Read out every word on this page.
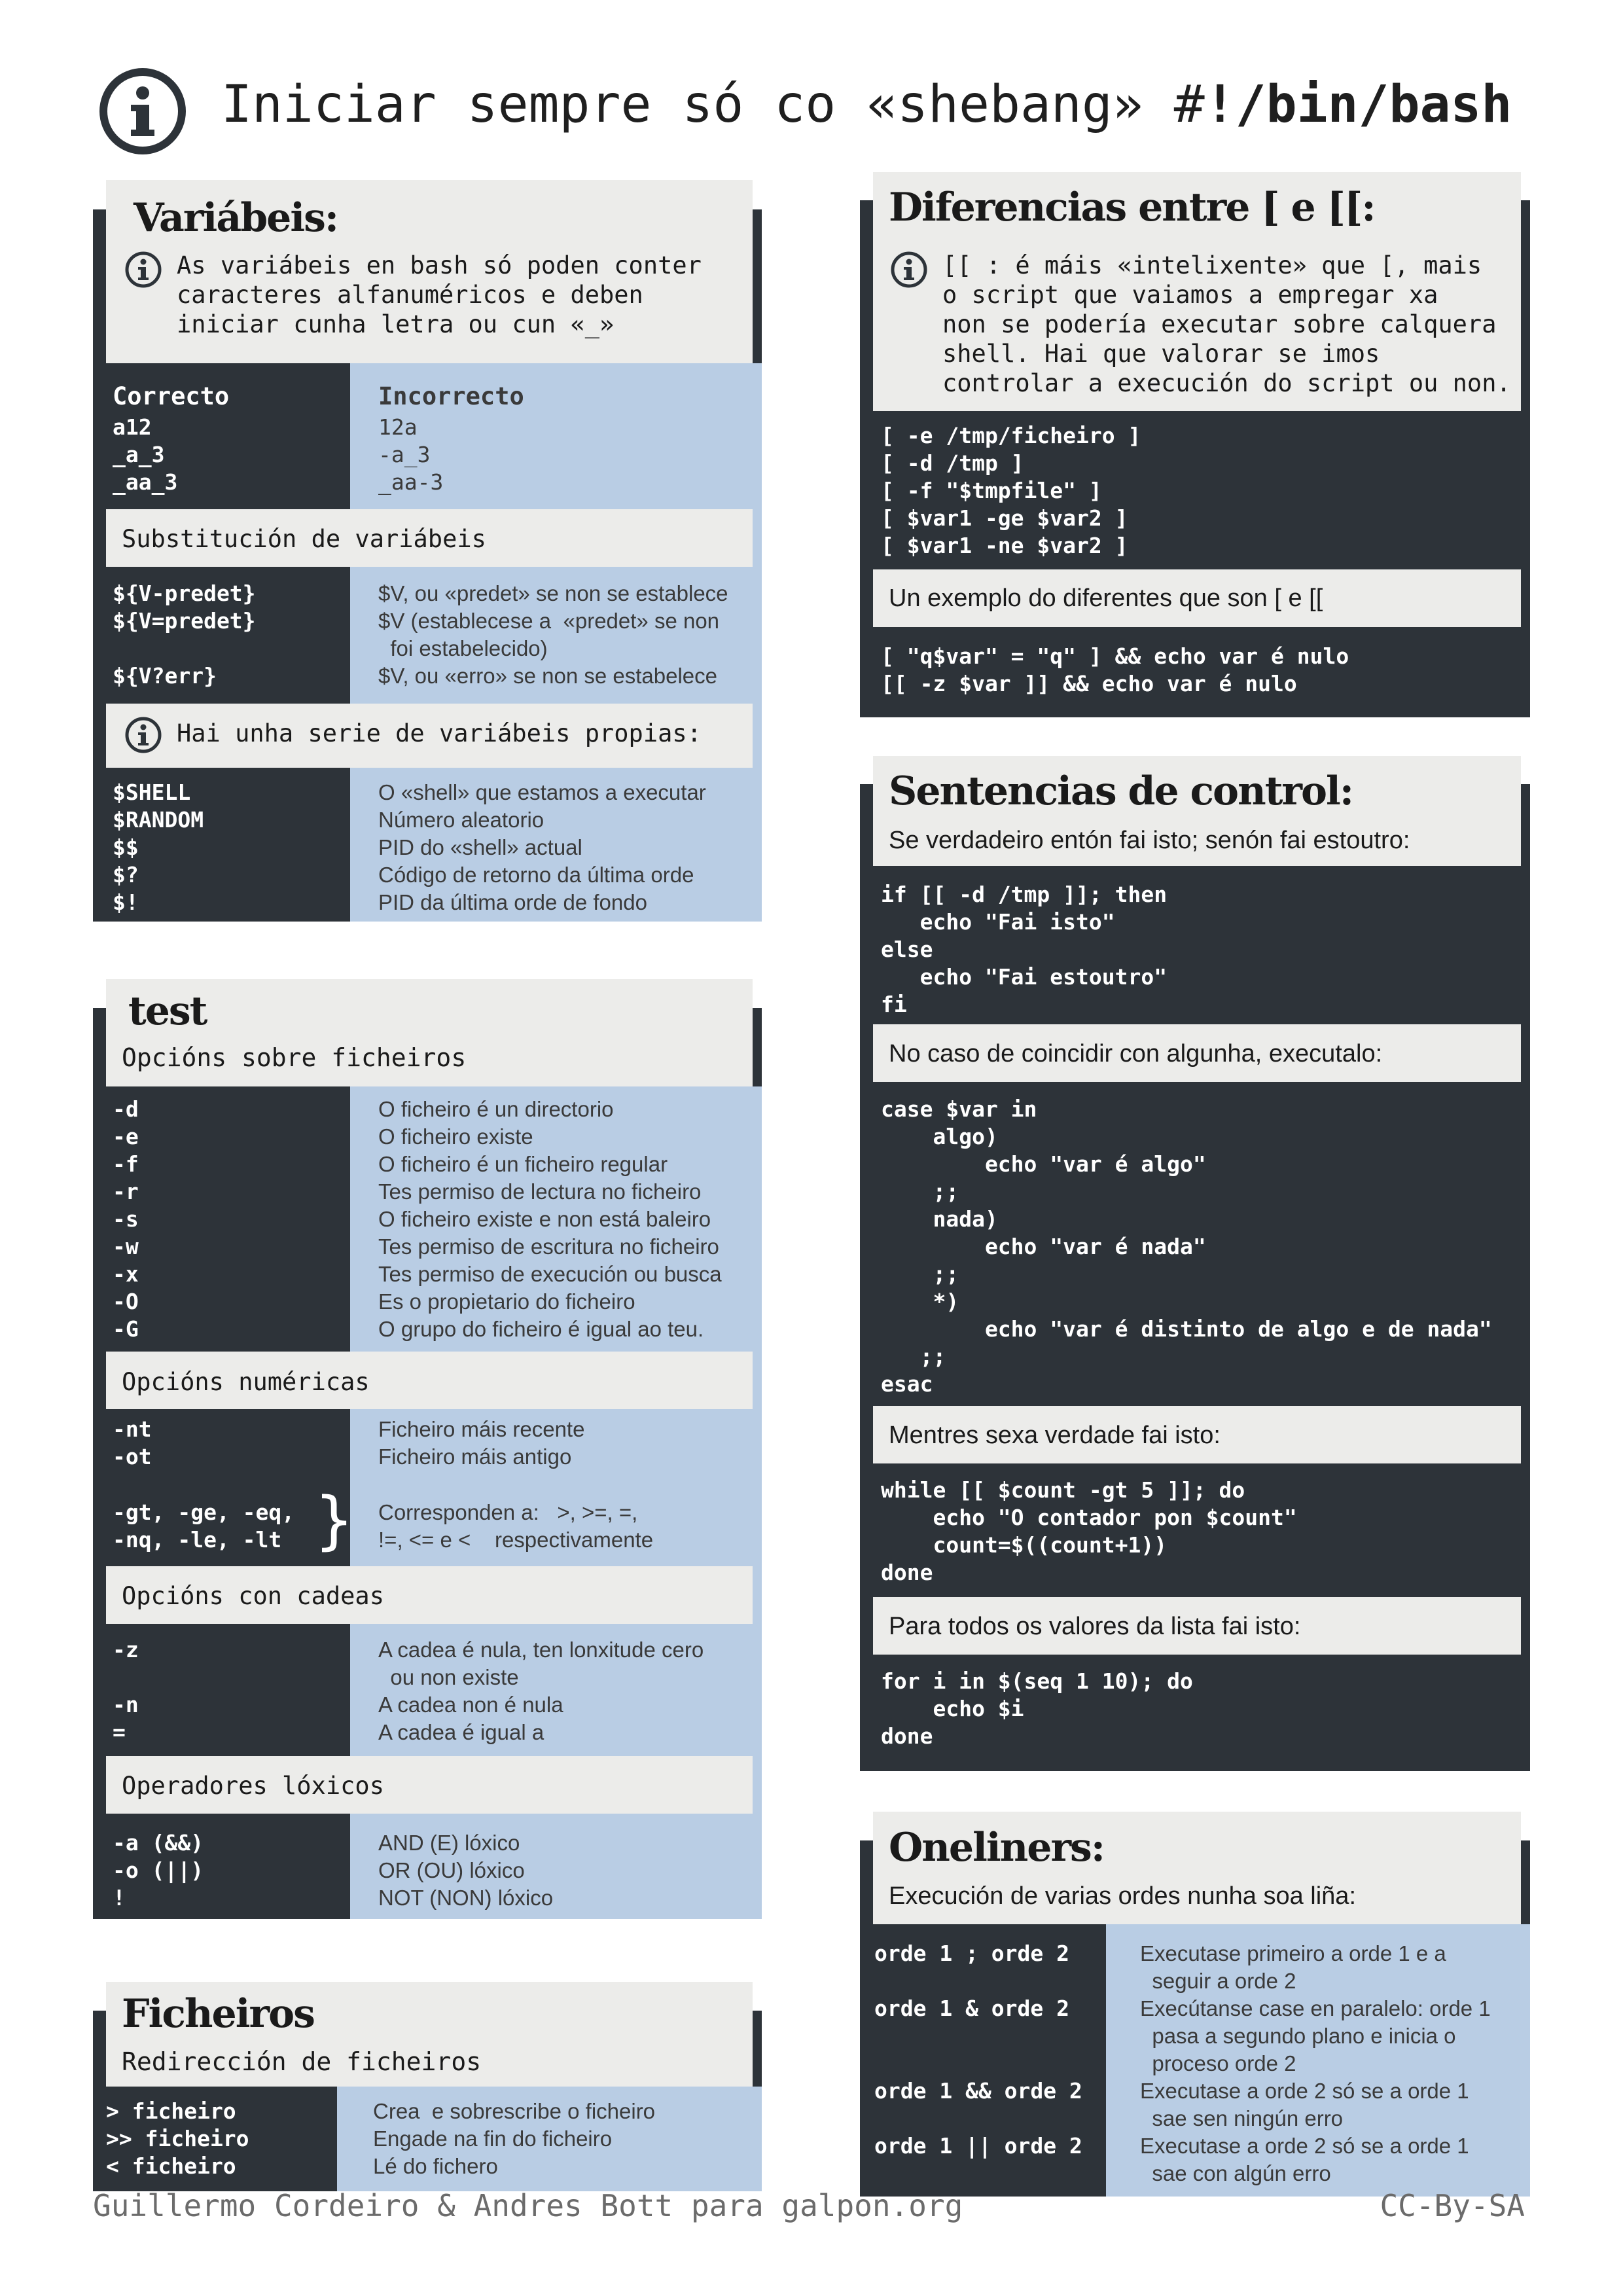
Iniciar sempre só co «shebang» #!/bin/bash
Variábeis:
As variábeis en bash só poden conter
caracteres alfanuméricos e deben
iniciar cunha letra ou cun «_»
Correcto
a12
_a_3
_aa_3
Incorrecto
12a
-a_3
_aa-3
Substitución de variábeis
${V-predet}
${V=predet}

${V?err}
$V, ou «predet» se non se establece
$V (establecese a  «predet» se non
foi estabelecido)
$V, ou «erro» se non se estabelece
Hai unha serie de variábeis propias:
$SHELL
$RANDOM
$$
$?
$!
O «shell» que estamos a executar
Número aleatorio
PID do «shell» actual
Código de retorno da última orde
PID da última orde de fondo
test
Opcións sobre ficheiros
-d
-e
-f
-r
-s
-w
-x
-O
-G
O ficheiro é un directorio
O ficheiro existe
O ficheiro é un ficheiro regular
Tes permiso de lectura no ficheiro
O ficheiro existe e non está baleiro
Tes permiso de escritura no ficheiro
Tes permiso de execución ou busca
Es o propietario do ficheiro
O grupo do ficheiro é igual ao teu.
Opcións numéricas
-nt
-ot
Ficheiro máis recente
Ficheiro máis antigo
-gt, -ge, -eq,
-nq, -le, -lt } Corresponden a:   >, >=, =,
!=, <= e <    respectivamente
Opcións con cadeas
-z

-n
=
A cadea é nula, ten lonxitude cero
ou non existe
A cadea non é nula
A cadea é igual a
Operadores lóxicos
-a (&&)
-o (||)
!
AND (E) lóxico
OR (OU) lóxico
NOT (NON) lóxico
Ficheiros
Redirección de ficheiros
> ficheiro
>> ficheiro
< ficheiro
Crea  e sobrescribe o ficheiro
Engade na fin do ficheiro
Lé do fichero
Diferencias entre [ e [[:
[[ : é máis «intelixente» que [, mais
o script que vaiamos a empregar xa
non se podería executar sobre calquera
shell. Hai que valorar se imos
controlar a execución do script ou non.
[ -e /tmp/ficheiro ]
[ -d /tmp ]
[ -f "$tmpfile" ]
[ $var1 -ge $var2 ]
[ $var1 -ne $var2 ]
Un exemplo do diferentes que son [ e [[
[ "q$var" = "q" ] && echo var é nulo
[[ -z $var ]] && echo var é nulo
Sentencias de control:
Se verdadeiro entón fai isto; senón fai estoutro:
if [[ -d /tmp ]]; then
echo "Fai isto"
else
echo "Fai estoutro"
fi
No caso de coincidir con algunha, executalo:
case $var in
algo)
echo "var é algo"
;;
nada)
echo "var é nada"
;;
*)
echo "var é distinto de algo e de nada"
;;
esac
Mentres sexa verdade fai isto:
while [[ $count -gt 5 ]]; do
echo "O contador pon $count"
count=$((count+1))
done
Para todos os valores da lista fai isto:
for i in $(seq 1 10); do
echo $i
done
Oneliners:
Execución de varias ordes nunha soa liña:
orde 1 ; orde 2

orde 1 & orde 2

orde 1 && orde 2

orde 1 || orde 2
Executase primeiro a orde 1 e a
seguir a orde 2
Execútanse case en paralelo: orde 1
pasa a segundo plano e inicia o
proceso orde 2
Executase a orde 2 só se a orde 1
sae sen ningún erro
Executase a orde 2 só se a orde 1
sae con algún erro
Guillermo Cordeiro & Andres Bott para galpon.org	CC-By-SA
